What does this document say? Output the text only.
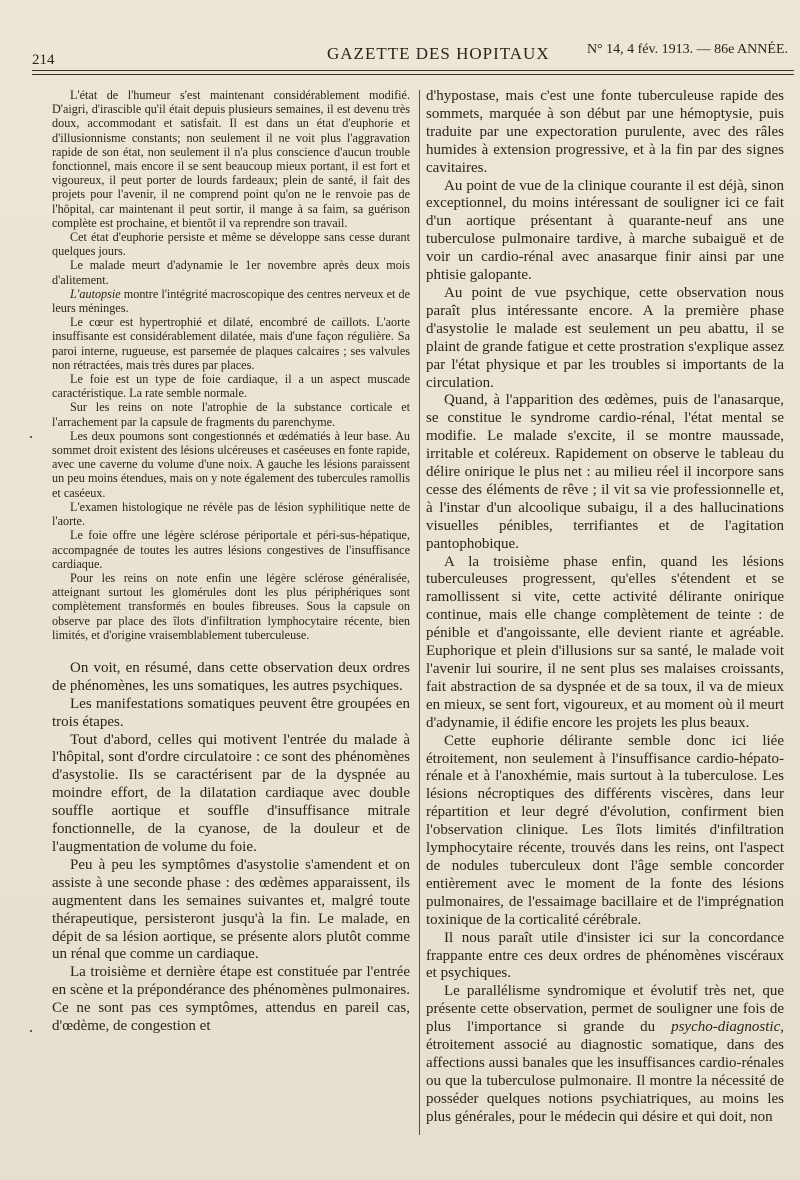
214	GAZETTE DES HOPITAUX	N° 14, 4 fév. 1913. — 86e ANNÉE.

L'état de l'humeur s'est maintenant considérablement modifié. D'aigri, d'irascible qu'il était depuis plusieurs semaines, il est devenu très doux, accommodant et satisfait. Il est dans un état d'euphorie et d'illusionnisme constants; non seulement il ne voit plus l'aggravation rapide de son état, non seulement il n'a plus conscience d'aucun trouble fonctionnel, mais encore il se sent beaucoup mieux portant, il est fort et vigoureux, il peut porter de lourds fardeaux; plein de santé, il fait des projets pour l'avenir, il ne comprend point qu'on ne le renvoie pas de l'hôpital, car maintenant il peut sortir, il mange à sa faim, sa guérison complète est prochaine, et bientôt il va reprendre son travail.

Cet état d'euphorie persiste et même se développe sans cesse durant quelques jours.

Le malade meurt d'adynamie le 1er novembre après deux mois d'alitement.

L'autopsie montre l'intégrité macroscopique des centres nerveux et de leurs méninges.

Le cœur est hypertrophié et dilaté, encombré de caillots. L'aorte insuffisante est considérablement dilatée, mais d'une façon régulière. Sa paroi interne, rugueuse, est parsemée de plaques calcaires ; ses valvules non rétractées, mais très dures par places.

Le foie est un type de foie cardiaque, il a un aspect muscade caractéristique. La rate semble normale.

Sur les reins on note l'atrophie de la substance corticale et l'arrachement par la capsule de fragments du parenchyme.

Les deux poumons sont congestionnés et œdématiés à leur base. Au sommet droit existent des lésions ulcéreuses et caséeuses en fonte rapide, avec une caverne du volume d'une noix. A gauche les lésions paraissent un peu moins étendues, mais on y note également des tubercules ramollis et caséeux.

L'examen histologique ne révèle pas de lésion syphilitique nette de l'aorte.

Le foie offre une légère sclérose périportale et péri-sus-hépatique, accompagnée de toutes les autres lésions congestives de l'insuffisance cardiaque.

Pour les reins on note enfin une légère sclérose généralisée, atteignant surtout les glomérules dont les plus périphériques sont complètement transformés en boules fibreuses. Sous la capsule on observe par place des îlots d'infiltration lymphocytaire récente, bien limités, et d'origine vraisemblablement tuberculeuse.

On voit, en résumé, dans cette observation deux ordres de phénomènes, les uns somatiques, les autres psychiques.

Les manifestations somatiques peuvent être groupées en trois étapes.

Tout d'abord, celles qui motivent l'entrée du malade à l'hôpital, sont d'ordre circulatoire : ce sont des phénomènes d'asystolie. Ils se caractérisent par de la dyspnée au moindre effort, de la dilatation cardiaque avec double souffle aortique et souffle d'insuffisance mitrale fonctionnelle, de la cyanose, de la douleur et de l'augmentation de volume du foie.

Peu à peu les symptômes d'asystolie s'amendent et on assiste à une seconde phase : des œdèmes apparaissent, ils augmentent dans les semaines suivantes et, malgré toute thérapeutique, persisteront jusqu'à la fin. Le malade, en dépit de sa lésion aortique, se présente alors plutôt comme un rénal que comme un cardiaque.

La troisième et dernière étape est constituée par l'entrée en scène et la prépondérance des phénomènes pulmonaires. Ce ne sont pas ces symptômes, attendus en pareil cas, d'œdème, de congestion et

d'hypostase, mais c'est une fonte tuberculeuse rapide des sommets, marquée à son début par une hémoptysie, puis traduite par une expectoration purulente, avec des râles humides à extension progressive, et à la fin par des signes cavitaires.

Au point de vue de la clinique courante il est déjà, sinon exceptionnel, du moins intéressant de souligner ici ce fait d'un aortique présentant à quarante-neuf ans une tuberculose pulmonaire tardive, à marche subaiguë et de voir un cardio-rénal avec anasarque finir ainsi par une phtisie galopante.

Au point de vue psychique, cette observation nous paraît plus intéressante encore. A la première phase d'asystolie le malade est seulement un peu abattu, il se plaint de grande fatigue et cette prostration s'explique assez par l'état physique et par les troubles si importants de la circulation.

Quand, à l'apparition des œdèmes, puis de l'anasarque, se constitue le syndrome cardio-rénal, l'état mental se modifie. Le malade s'excite, il se montre maussade, irritable et coléreux. Rapidement on observe le tableau du délire onirique le plus net : au milieu réel il incorpore sans cesse des éléments de rêve ; il vit sa vie professionnelle et, à l'instar d'un alcoolique subaigu, il a des hallucinations visuelles pénibles, terrifiantes et de l'agitation pantophobique.

A la troisième phase enfin, quand les lésions tuberculeuses progressent, qu'elles s'étendent et se ramollissent si vite, cette activité délirante onirique continue, mais elle change complètement de teinte : de pénible et d'angoissante, elle devient riante et agréable. Euphorique et plein d'illusions sur sa santé, le malade voit l'avenir lui sourire, il ne sent plus ses malaises croissants, fait abstraction de sa dyspnée et de sa toux, il va de mieux en mieux, se sent fort, vigoureux, et au moment où il meurt d'adynamie, il édifie encore les projets les plus beaux.

Cette euphorie délirante semble donc ici liée étroitement, non seulement à l'insuffisance cardio-hépato-rénale et à l'anoxhémie, mais surtout à la tuberculose. Les lésions nécroptiques des différents viscères, dans leur répartition et leur degré d'évolution, confirment bien l'observation clinique. Les îlots limités d'infiltration lymphocytaire récente, trouvés dans les reins, ont l'aspect de nodules tuberculeux dont l'âge semble concorder entièrement avec le moment de la fonte des lésions pulmonaires, de l'essaimage bacillaire et de l'imprégnation toxinique de la corticalité cérébrale.

Il nous paraît utile d'insister ici sur la concordance frappante entre ces deux ordres de phénomènes viscéraux et psychiques.

Le parallélisme syndromique et évolutif très net, que présente cette observation, permet de souligner une fois de plus l'importance si grande du psycho-diagnostic, étroitement associé au diagnostic somatique, dans des affections aussi banales que les insuffisances cardio-rénales ou que la tuberculose pulmonaire. Il montre la nécessité de posséder quelques notions psychiatriques, au moins les plus générales, pour le médecin qui désire et qui doit, non
